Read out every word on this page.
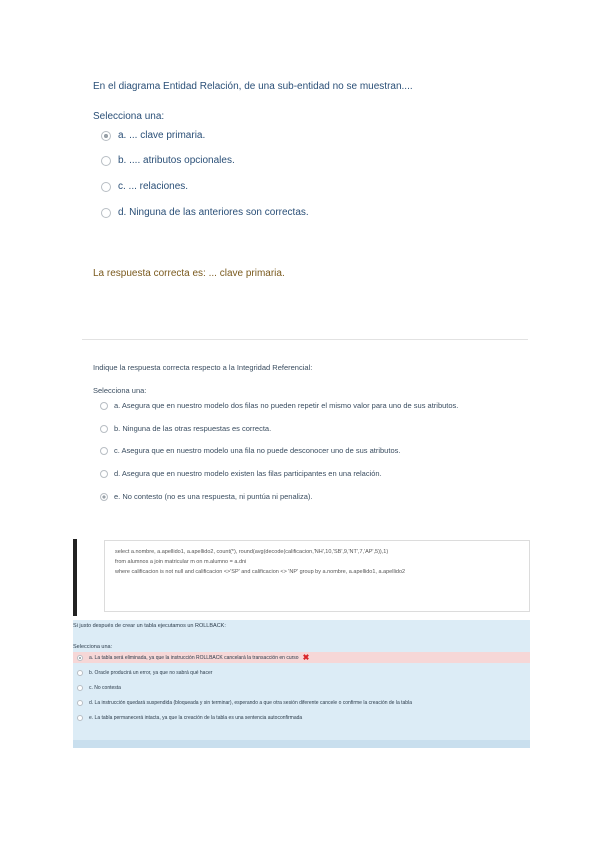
En el diagrama Entidad Relación, de una sub-entidad no se muestran....
Selecciona una:
a. ... clave primaria.
b. .... atributos opcionales.
c. ... relaciones.
d. Ninguna de las anteriores son correctas.
La respuesta correcta es: ... clave primaria.
Indique la respuesta correcta respecto a la Integridad Referencial:
Selecciona una:
a. Asegura que en nuestro modelo dos filas no pueden repetir el mismo valor para uno de sus atributos.
b. Ninguna de las otras respuestas es correcta.
c. Asegura que en nuestro modelo una fila no puede desconocer uno de sus atributos.
d. Asegura que en nuestro modelo existen las filas participantes en una relación.
e. No contesto (no es una respuesta, ni puntúa ni penaliza).
select a.nombre, a.apellido1, a.apellido2, count(*), round(avg(decode(calificacion,'NH',10,'SB',9,'NT',7,'AP',5)),1)
from alumnos a join matricular m on m.alumno = a.dni
where calificacion is not null and calificacion <>'SP' and calificacion <> 'NP' group by a.nombre, a.apellido1, a.apellido2
Si justo después de crear un tabla ejecutamos un ROLLBACK:
Selecciona una:
a. La tabla será eliminada, ya que la instrucción ROLLBACK cancelará la transacción en curso ✖
b. Oracle producirá un error, ya que no sabrá qué hacer
c. No contesta
d. La instrucción quedará suspendida (bloqueada y sin terminar), esperando a que otra sesión diferente cancele o confirme la creación de la tabla
e. La tabla permanecerá intacta, ya que la creación de la tabla es una sentencia autoconfirmada
